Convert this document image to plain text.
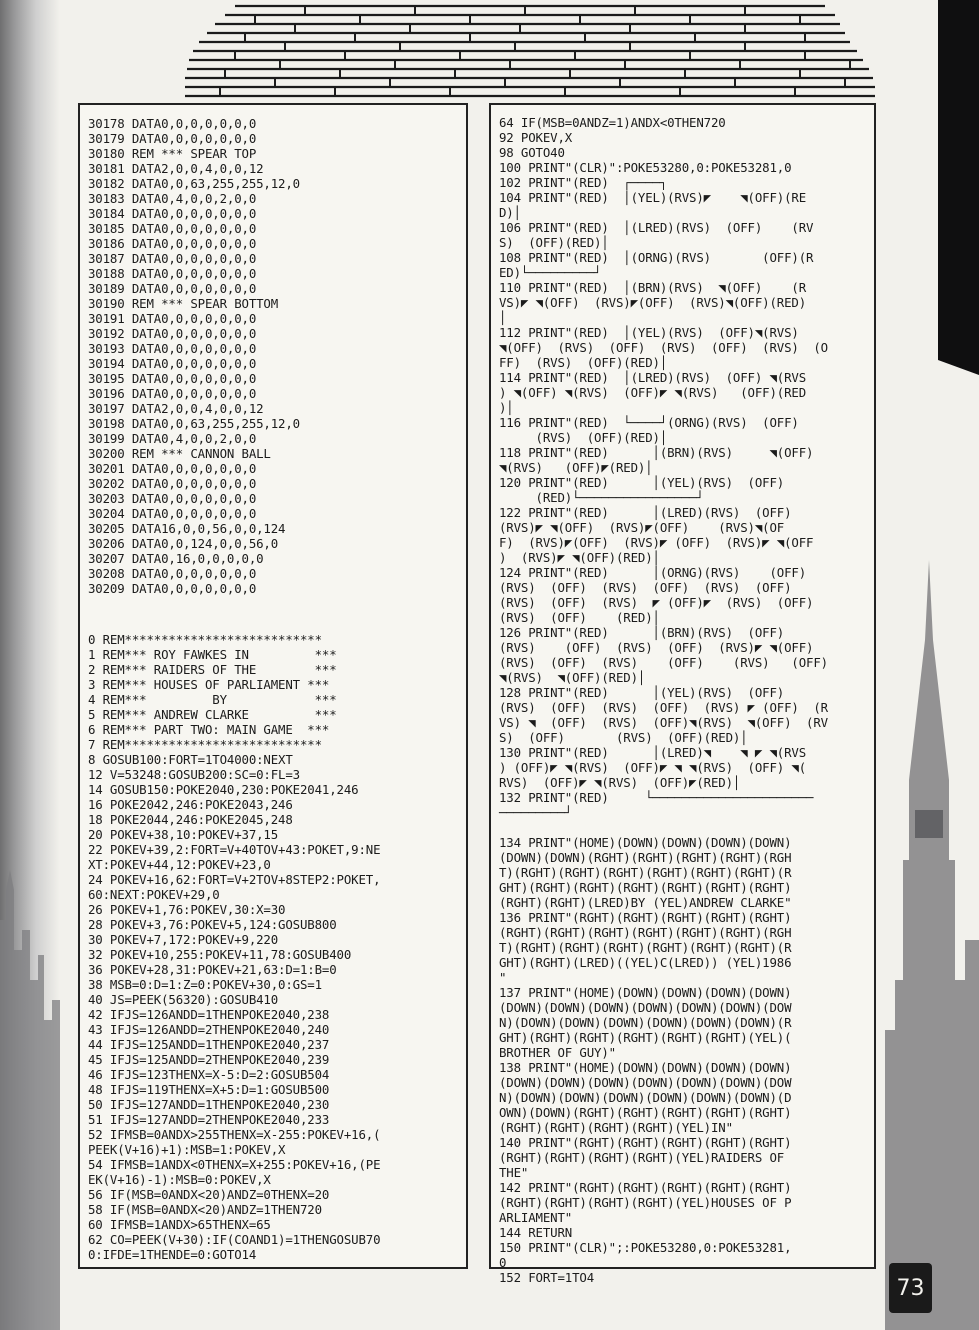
30178 DATA0,0,0,0,0,0,0
30179 DATA0,0,0,0,0,0,0
30180 REM *** SPEAR TOP
30181 DATA2,0,0,4,0,0,12
30182 DATA0,0,63,255,255,12,0
30183 DATA0,4,0,0,2,0,0
30184 DATA0,0,0,0,0,0,0
30185 DATA0,0,0,0,0,0,0
30186 DATA0,0,0,0,0,0,0
30187 DATA0,0,0,0,0,0,0
30188 DATA0,0,0,0,0,0,0
30189 DATA0,0,0,0,0,0,0
30190 REM *** SPEAR BOTTOM
30191 DATA0,0,0,0,0,0,0
30192 DATA0,0,0,0,0,0,0
30193 DATA0,0,0,0,0,0,0
30194 DATA0,0,0,0,0,0,0
30195 DATA0,0,0,0,0,0,0
30196 DATA0,0,0,0,0,0,0
30197 DATA2,0,0,4,0,0,12
30198 DATA0,0,63,255,255,12,0
30199 DATA0,4,0,0,2,0,0
30200 REM *** CANNON BALL
30201 DATA0,0,0,0,0,0,0
30202 DATA0,0,0,0,0,0,0
30203 DATA0,0,0,0,0,0,0
30204 DATA0,0,0,0,0,0,0
30205 DATA16,0,0,56,0,0,124
30206 DATA0,0,124,0,0,56,0
30207 DATA0,16,0,0,0,0,0
30208 DATA0,0,0,0,0,0,0
30209 DATA0,0,0,0,0,0,0
0 REM***************************
1 REM*** ROY FAWKES IN         ***
2 REM*** RAIDERS OF THE        ***
3 REM*** HOUSES OF PARLIAMENT ***
4 REM***         BY            ***
5 REM*** ANDREW CLARKE         ***
6 REM*** PART TWO: MAIN GAME  ***
7 REM***************************
8 GOSUB100:FORT=1TO4000:NEXT
12 V=53248:GOSUB200:SC=0:FL=3
14 GOSUB150:POKE2040,230:POKE2041,246
16 POKE2042,246:POKE2043,246
18 POKE2044,246:POKE2045,248
20 POKEV+38,10:POKEV+37,15
22 POKEV+39,2:FORT=V+40TOV+43:POKET,9:NE
XT:POKEV+44,12:POKEV+23,0
24 POKEV+16,62:FORT=V+2TOV+8STEP2:POKET,
60:NEXT:POKEV+29,0
26 POKEV+1,76:POKEV,30:X=30
28 POKEV+3,76:POKEV+5,124:GOSUB800
30 POKEV+7,172:POKEV+9,220
32 POKEV+10,255:POKEV+11,78:GOSUB400
36 POKEV+28,31:POKEV+21,63:D=1:B=0
38 MSB=0:D=1:Z=0:POKEV+30,0:GS=1
40 JS=PEEK(56320):GOSUB410
42 IFJS=126ANDD=1THENPOKE2040,238
43 IFJS=126ANDD=2THENPOKE2040,240
44 IFJS=125ANDD=1THENPOKE2040,237
45 IFJS=125ANDD=2THENPOKE2040,239
46 IFJS=123THENX=X-5:D=2:GOSUB504
48 IFJS=119THENX=X+5:D=1:GOSUB500
50 IFJS=127ANDD=1THENPOKE2040,230
51 IFJS=127ANDD=2THENPOKE2040,233
52 IFMSB=0ANDX>255THENX=X-255:POKEV+16,(
PEEK(V+16)+1):MSB=1:POKEV,X
54 IFMSB=1ANDX<0THENX=X+255:POKEV+16,(PE
EK(V+16)-1):MSB=0:POKEV,X
56 IF(MSB=0ANDX<20)ANDZ=0THENX=20
58 IF(MSB=0ANDX<20)ANDZ=1THEN720
60 IFMSB=1ANDX>65THENX=65
62 CO=PEEK(V+30):IF(COAND1)=1THENGOSUB70
0:IFDE=1THENDE=0:GOTO14
64 IF(MSB=0ANDZ=1)ANDX<0THEN720
92 POKEV,X
98 GOTO40
100 PRINT"(CLR)":POKE53280,0:POKE53281,0
102 PRINT"(RED)  ┌────┐
104 PRINT"(RED)  │(YEL)(RVS)◤    ◥(OFF)(RE
D)│
106 PRINT"(RED)  │(LRED)(RVS)  (OFF)    (RV
S)  (OFF)(RED)│
108 PRINT"(RED)  │(ORNG)(RVS)       (OFF)(R
ED)└─────────┘
110 PRINT"(RED)  │(BRN)(RVS)  ◥(OFF)    (R
VS)◤ ◥(OFF)  (RVS)◤(OFF)  (RVS)◥(OFF)(RED)
│
112 PRINT"(RED)  │(YEL)(RVS)  (OFF)◥(RVS)
◥(OFF)  (RVS)  (OFF)  (RVS)  (OFF)  (RVS)  (O
FF)  (RVS)  (OFF)(RED)│
114 PRINT"(RED)  │(LRED)(RVS)  (OFF) ◥(RVS
) ◥(OFF) ◥(RVS)  (OFF)◤ ◥(RVS)   (OFF)(RED
)│
116 PRINT"(RED)  └────┘(ORNG)(RVS)  (OFF)
(RVS)  (OFF)(RED)│
118 PRINT"(RED)      │(BRN)(RVS)     ◥(OFF)
◥(RVS)   (OFF)◤(RED)│
120 PRINT"(RED)      │(YEL)(RVS)  (OFF)
(RED)└────────────────┘
122 PRINT"(RED)      │(LRED)(RVS)  (OFF)
(RVS)◤ ◥(OFF)  (RVS)◤(OFF)    (RVS)◥(OF
F)  (RVS)◤(OFF)  (RVS)◤ (OFF)  (RVS)◤ ◥(OFF
)  (RVS)◤ ◥(OFF)(RED)│
124 PRINT"(RED)      │(ORNG)(RVS)    (OFF)
(RVS)  (OFF)  (RVS)  (OFF)  (RVS)  (OFF)
(RVS)  (OFF)  (RVS)  ◤ (OFF)◤  (RVS)  (OFF)
(RVS)  (OFF)    (RED)│
126 PRINT"(RED)      │(BRN)(RVS)  (OFF)
(RVS)    (OFF)  (RVS)  (OFF)  (RVS)◤ ◥(OFF)
(RVS)  (OFF)  (RVS)    (OFF)    (RVS)   (OFF)
◥(RVS)  ◥(OFF)(RED)│
128 PRINT"(RED)      │(YEL)(RVS)  (OFF)
(RVS)  (OFF)  (RVS)  (OFF)  (RVS) ◤ (OFF)  (R
VS) ◥  (OFF)  (RVS)  (OFF)◥(RVS)  ◥(OFF)  (RV
S)  (OFF)       (RVS)  (OFF)(RED)│
130 PRINT"(RED)      │(LRED)◥    ◥ ◤ ◥(RVS
) (OFF)◤ ◥(RVS)  (OFF)◤ ◥ ◥(RVS)  (OFF) ◥(
RVS)  (OFF)◤ ◥(RVS)  (OFF)◤(RED)│
132 PRINT"(RED)     └──────────────────────
─────────┘

134 PRINT"(HOME)(DOWN)(DOWN)(DOWN)(DOWN)
(DOWN)(DOWN)(RGHT)(RGHT)(RGHT)(RGHT)(RGH
T)(RGHT)(RGHT)(RGHT)(RGHT)(RGHT)(RGHT)(R
GHT)(RGHT)(RGHT)(RGHT)(RGHT)(RGHT)(RGHT)
(RGHT)(RGHT)(LRED)BY (YEL)ANDREW CLARKE"
136 PRINT"(RGHT)(RGHT)(RGHT)(RGHT)(RGHT)
(RGHT)(RGHT)(RGHT)(RGHT)(RGHT)(RGHT)(RGH
T)(RGHT)(RGHT)(RGHT)(RGHT)(RGHT)(RGHT)(R
GHT)(RGHT)(LRED)((YEL)C(LRED)) (YEL)1986
"
137 PRINT"(HOME)(DOWN)(DOWN)(DOWN)(DOWN)
(DOWN)(DOWN)(DOWN)(DOWN)(DOWN)(DOWN)(DOW
N)(DOWN)(DOWN)(DOWN)(DOWN)(DOWN)(DOWN)(R
GHT)(RGHT)(RGHT)(RGHT)(RGHT)(RGHT)(YEL)(
BROTHER OF GUY)"
138 PRINT"(HOME)(DOWN)(DOWN)(DOWN)(DOWN)
(DOWN)(DOWN)(DOWN)(DOWN)(DOWN)(DOWN)(DOW
N)(DOWN)(DOWN)(DOWN)(DOWN)(DOWN)(DOWN)(D
OWN)(DOWN)(RGHT)(RGHT)(RGHT)(RGHT)(RGHT)
(RGHT)(RGHT)(RGHT)(RGHT)(YEL)IN"
140 PRINT"(RGHT)(RGHT)(RGHT)(RGHT)(RGHT)
(RGHT)(RGHT)(RGHT)(RGHT)(YEL)RAIDERS OF
THE"
142 PRINT"(RGHT)(RGHT)(RGHT)(RGHT)(RGHT)
(RGHT)(RGHT)(RGHT)(RGHT)(YEL)HOUSES OF P
ARLIAMENT"
144 RETURN
150 PRINT"(CLR)";:POKE53280,0:POKE53281,
0
152 FORT=1TO4	73
